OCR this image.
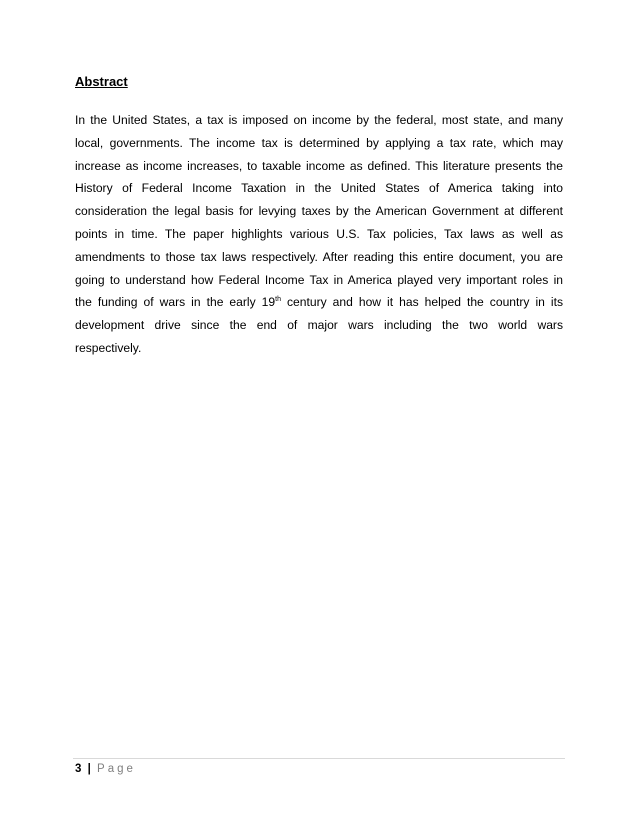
Abstract
In the United States, a tax is imposed on income by the federal, most state, and many
local, governments. The income tax is determined by applying a tax rate, which may
increase as income increases, to taxable income as defined. This literature presents the
History of Federal Income Taxation in the United States of America taking into
consideration the legal basis for levying taxes by the American Government at different
points in time. The paper highlights various U.S. Tax policies, Tax laws as well as
amendments to those tax laws respectively. After reading this entire document, you are
going to understand how Federal Income Tax in America played very important roles in
the funding of wars in the early 19th century and how it has helped the country in its
development drive since the end of major wars including the two world wars
respectively.
3 | Page
